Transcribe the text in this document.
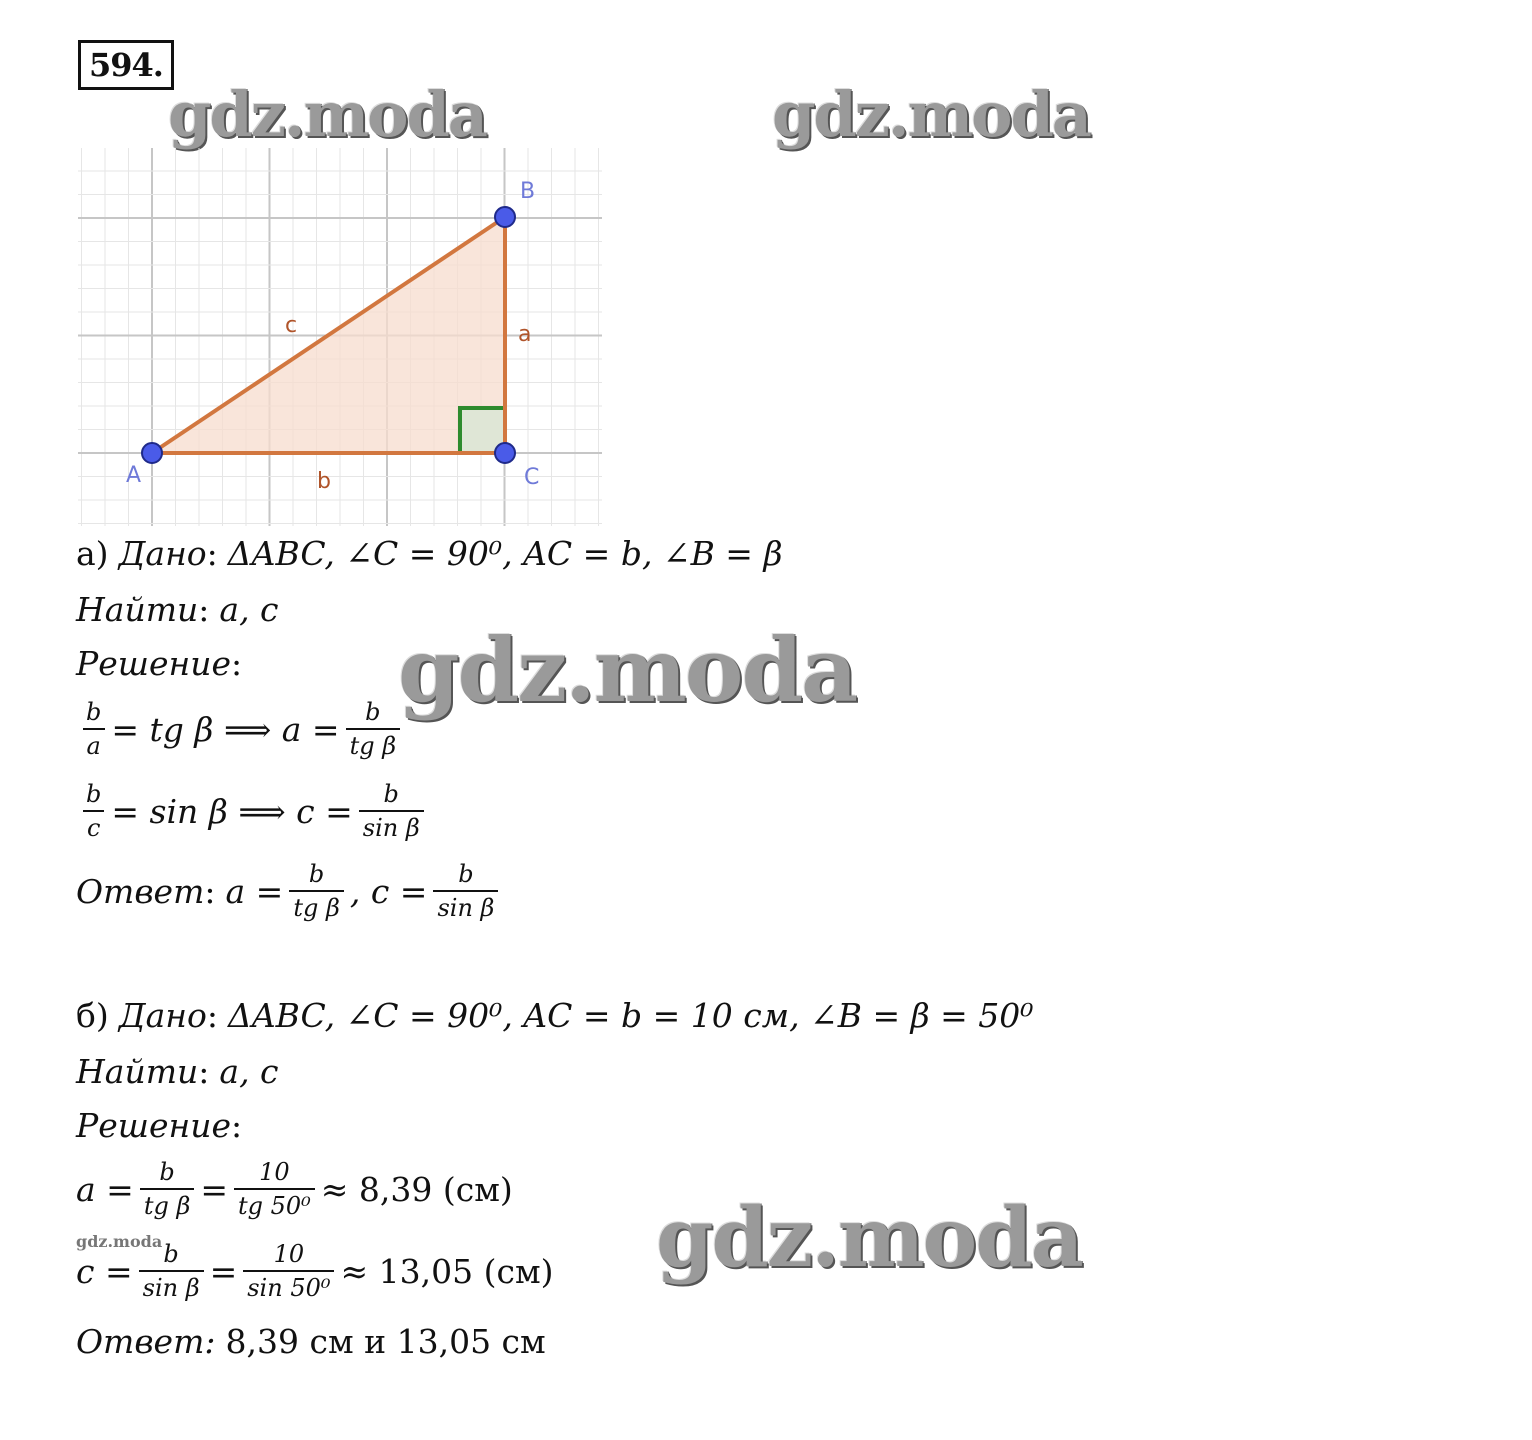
594.
gdz.moda	gdz.moda
A
B
C
c	a
b
а) Дано : ΔABC, ∠C = 90⁰, AC = b, ∠B = β
Найти : a, c
Решение :
$\frac{b}{a}$ = tg β ⟹ $a = \frac{b}{\text{tg β}}$
$\frac{b}{c} = \sin \beta$ ⟹ $c = \frac{b}{\text{sin β}}$
Ответ : $a = \frac{b}{\text{tg β}}$ , $c = \frac{b}{\text{sin β}}$
gdz.moda
б) Дано : ΔABC, ∠C = 90⁰, AC = b = 10 см, ∠B = β = 50⁰
Найти : a, c
Решение :
$a = \frac{b}{\text{tg β}} = \frac{10}{\text{tg 50⁰}} \approx 8,39$ (см)
$c = \frac{b}{\text{sin β}} = \frac{10}{\text{sin 50⁰}} \approx 13,05$ (см)
Ответ: 8,39 см и 13,05 см
gdz.moda
gdz.moda
